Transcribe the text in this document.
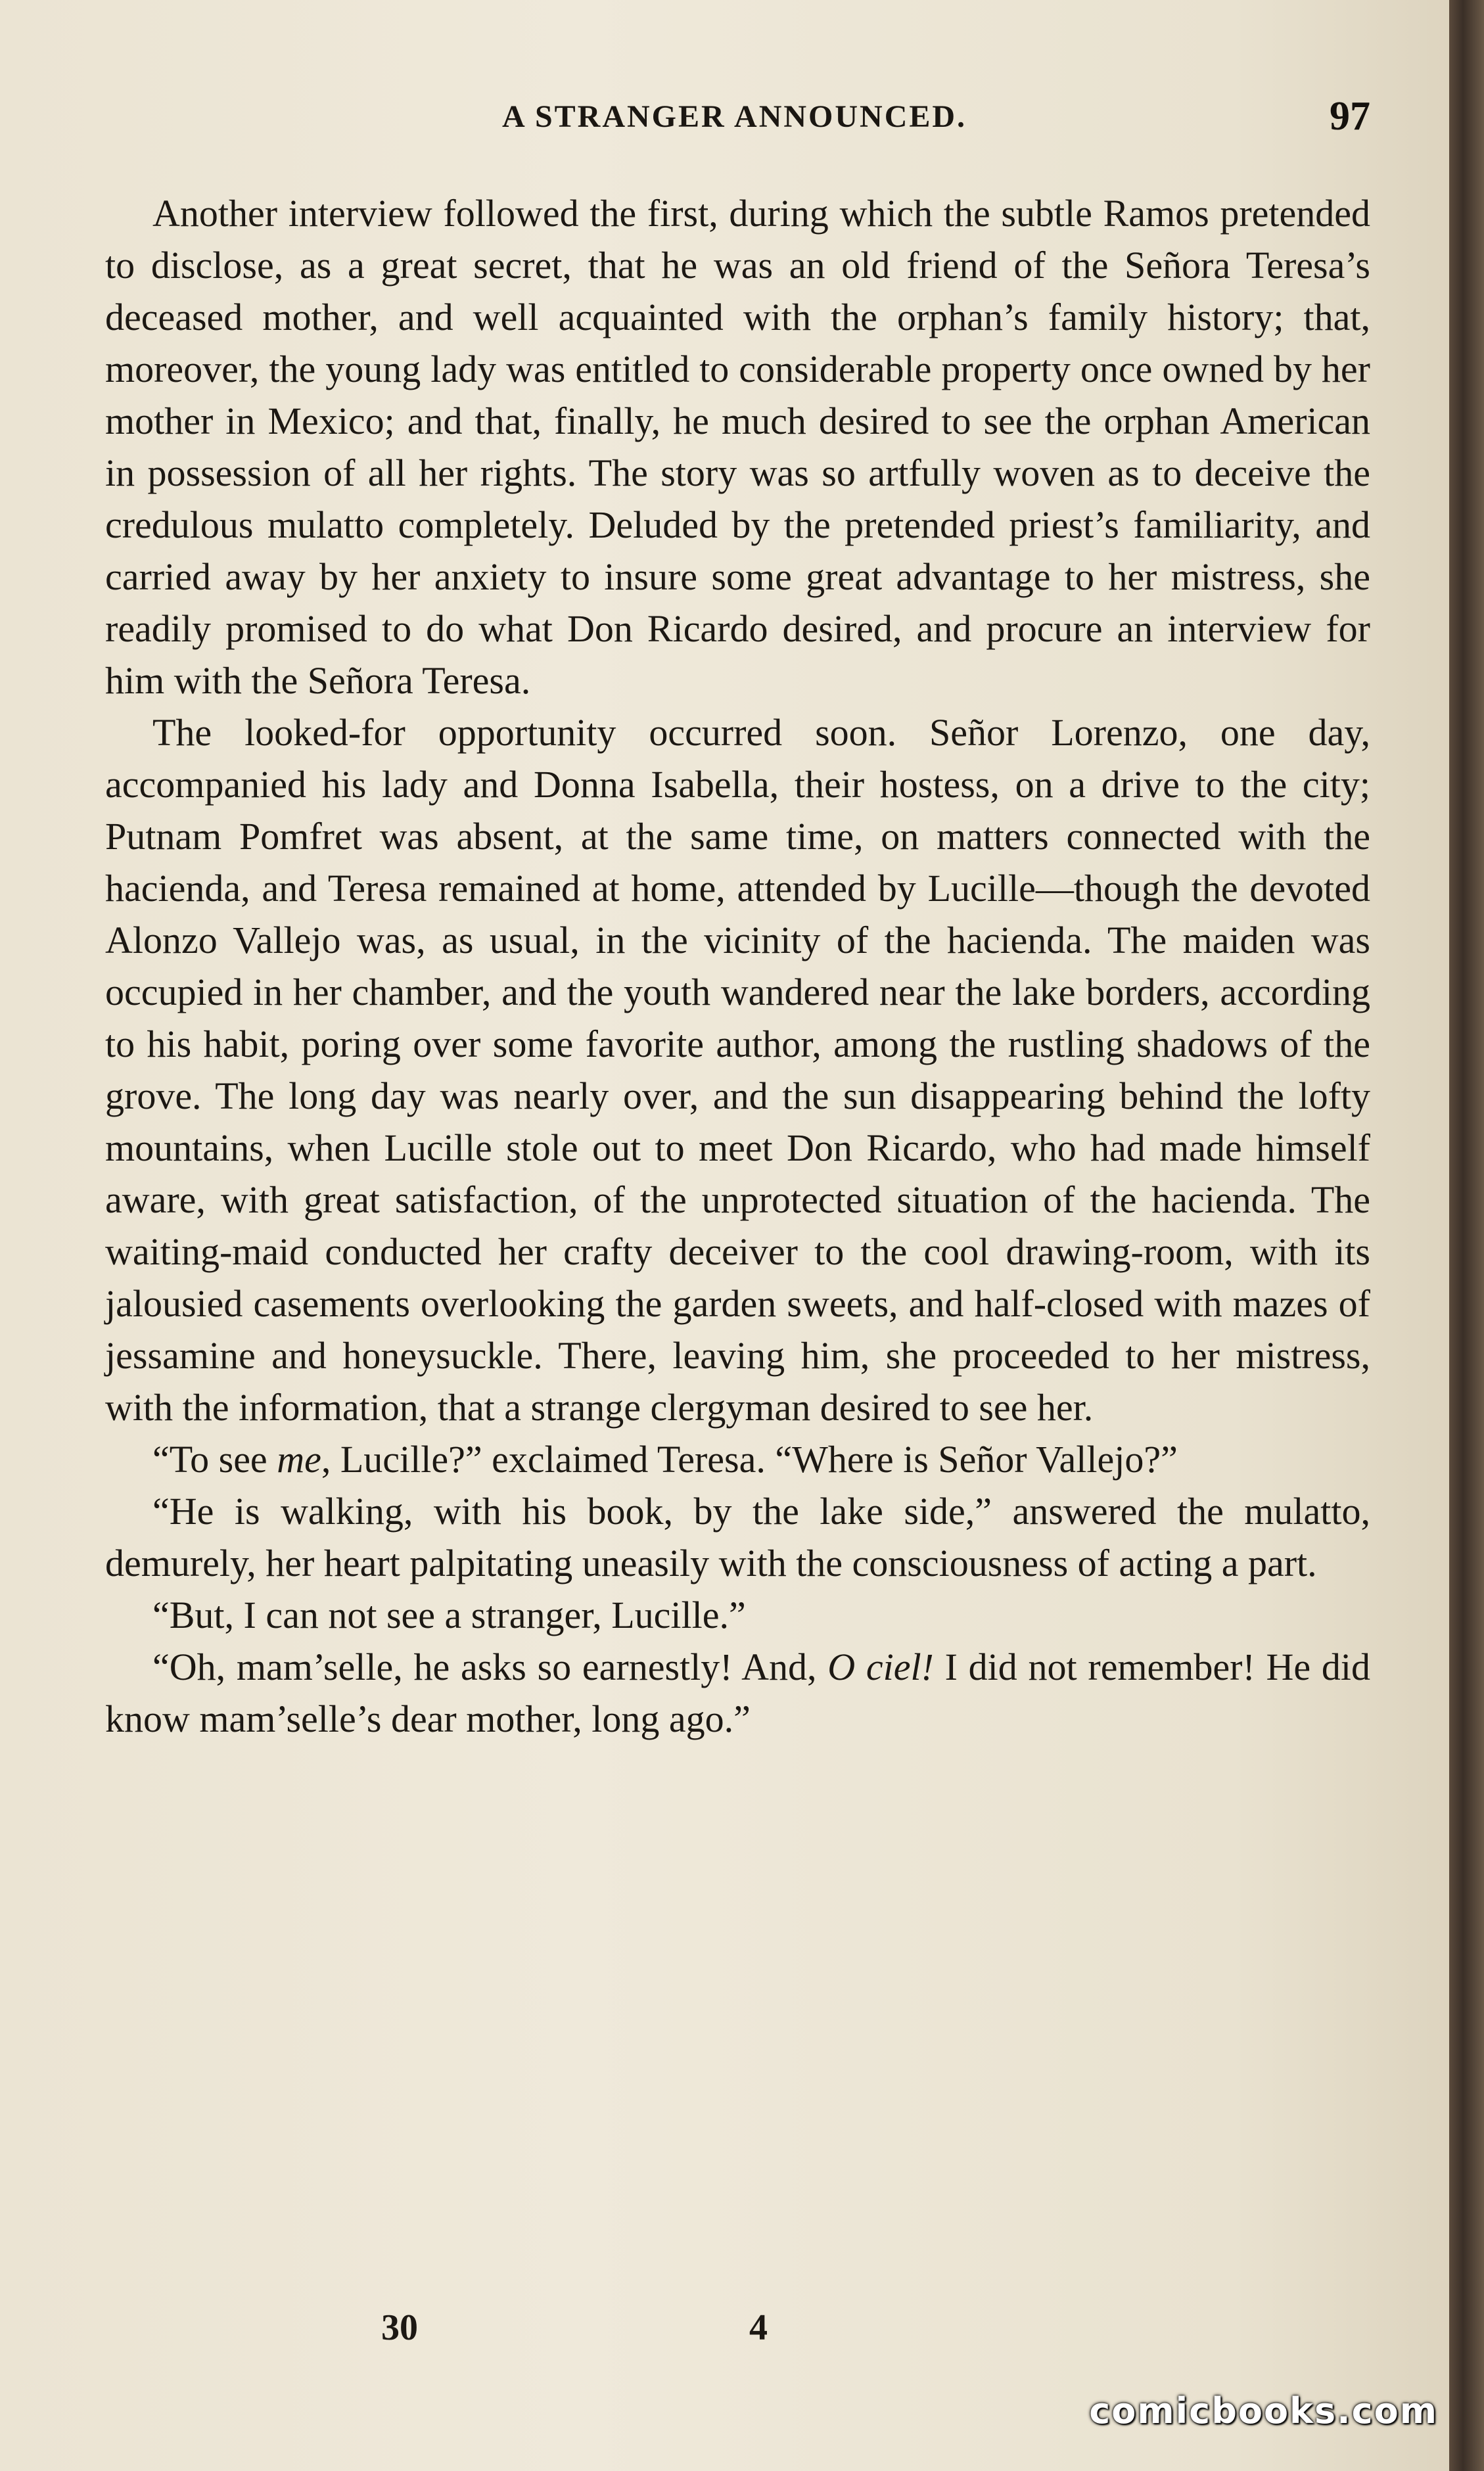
A STRANGER ANNOUNCED.	97

Another interview followed the first, during which the subtle Ramos pretended to disclose, as a great secret, that he was an old friend of the Señora Teresa’s deceased mother, and well acquainted with the orphan’s family history; that, moreover, the young lady was entitled to considerable property once owned by her mother in Mexico; and that, finally, he much desired to see the orphan American in possession of all her rights. The story was so artfully woven as to deceive the credulous mulatto completely. Deluded by the pretended priest’s familiarity, and carried away by her anxiety to insure some great advantage to her mistress, she readily promised to do what Don Ricardo desired, and procure an interview for him with the Señora Teresa.

The looked-for opportunity occurred soon. Señor Lorenzo, one day, accompanied his lady and Donna Isabella, their hostess, on a drive to the city; Putnam Pomfret was absent, at the same time, on matters connected with the hacienda, and Teresa remained at home, attended by Lucille—though the devoted Alonzo Vallejo was, as usual, in the vicinity of the hacienda. The maiden was occupied in her chamber, and the youth wandered near the lake borders, according to his habit, poring over some favorite author, among the rustling shadows of the grove. The long day was nearly over, and the sun disappearing behind the lofty mountains, when Lucille stole out to meet Don Ricardo, who had made himself aware, with great satisfaction, of the unprotected situation of the hacienda. The waiting-maid conducted her crafty deceiver to the cool drawing-room, with its jalousied casements overlooking the garden sweets, and half-closed with mazes of jessamine and honeysuckle. There, leaving him, she proceeded to her mistress, with the information, that a strange clergyman desired to see her.

“To see me, Lucille?” exclaimed Teresa. “Where is Señor Vallejo?”

“He is walking, with his book, by the lake side,” answered the mulatto, demurely, her heart palpitating uneasily with the consciousness of acting a part.

“But, I can not see a stranger, Lucille.”

“Oh, mam’selle, he asks so earnestly! And, O ciel! I did not remember! He did know mam’selle’s dear mother, long ago.”

30	4
comicbooks.com
